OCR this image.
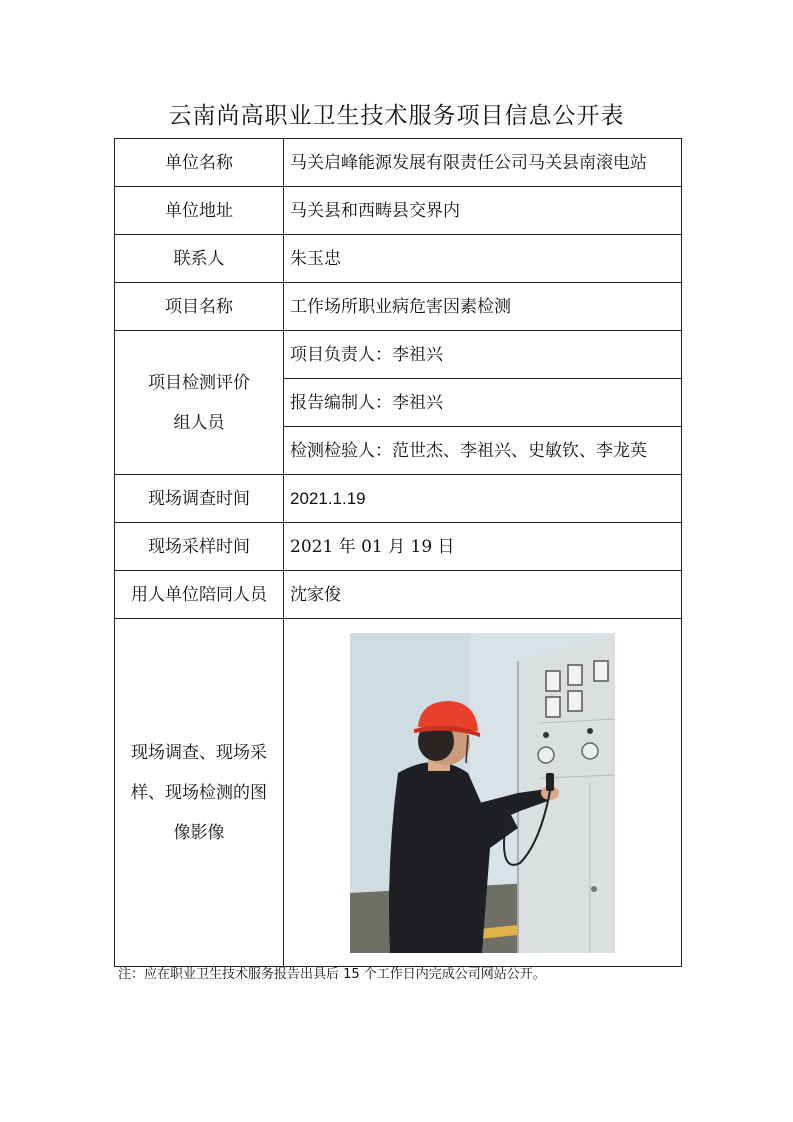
云南尚高职业卫生技术服务项目信息公开表
单位名称	马关启峰能源发展有限责任公司马关县南滚电站
单位地址	马关县和西畴县交界内
联系人	朱玉忠
项目名称	工作场所职业病危害因素检测
项目检测评价组人员	项目负责人：李祖兴
	报告编制人：李祖兴
	检测检验人：范世杰、李祖兴、史敏钦、李龙英
现场调查时间	2021.1.19
现场采样时间	2021 年 01 月 19 日
用人单位陪同人员	沈家俊
现场调查、现场采样、现场检测的图像影像	
注：应在职业卫生技术服务报告出具后 15 个工作日内完成公司网站公开。
